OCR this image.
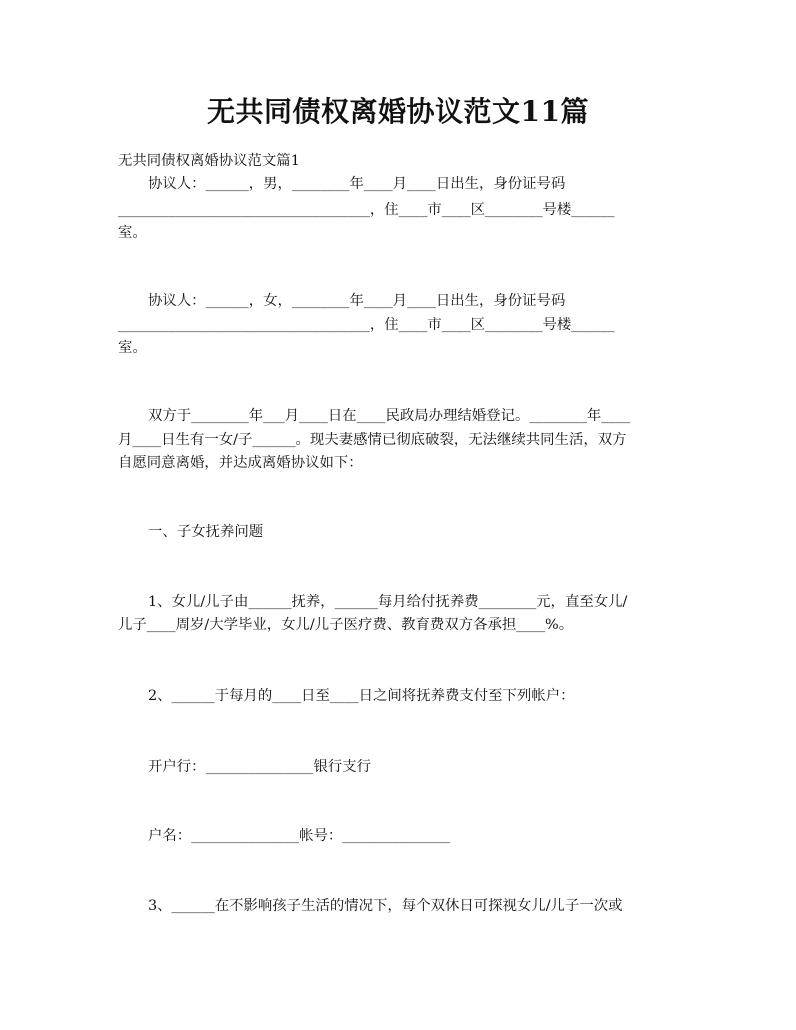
无共同债权离婚协议范文11篇
无共同债权离婚协议范文篇1
协议人：______，男，________年____月____日出生，身份证号码
___________________________________，住____市____区________号楼______
室。
协议人：______，女，________年____月____日出生，身份证号码
___________________________________，住____市____区________号楼______
室。
双方于________年___月____日在____民政局办理结婚登记。________年____
月____日生有一女/子______。现夫妻感情已彻底破裂，无法继续共同生活，双方
自愿同意离婚，并达成离婚协议如下：
一、子女抚养问题
1、女儿/儿子由______抚养，______每月给付抚养费________元，直至女儿/
儿子____周岁/大学毕业，女儿/儿子医疗费、教育费双方各承担____%。
2、______于每月的____日至____日之间将抚养费支付至下列帐户：
开户行：_______________银行支行
户名：_______________帐号：_______________
3、______在不影响孩子生活的情况下，每个双休日可探视女儿/儿子一次或
